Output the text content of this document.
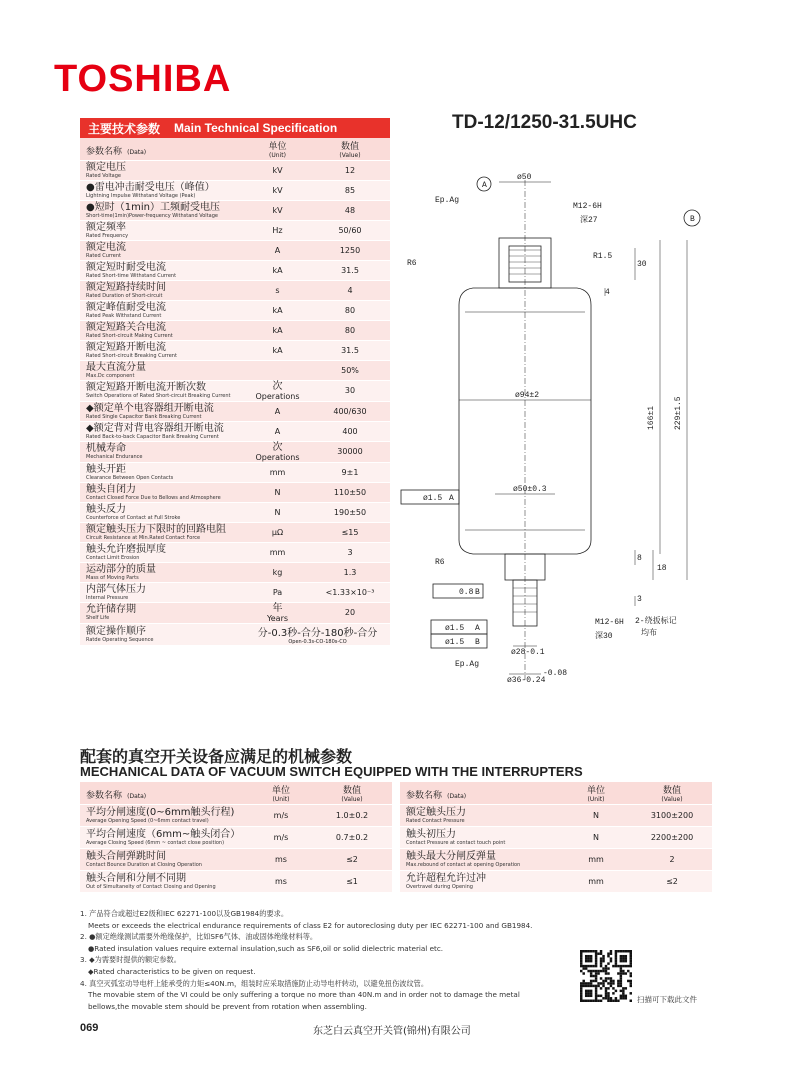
TOSHIBA
TD-12/1250-31.5UHC
主要技术参数 Main Technical Specification
参数名称 (Data)	单位
(Unit)	数值
(Value)

额定电压
Rated Voltage	kV	12

●雷电冲击耐受电压（峰值）
Lightning Impulse Withstand Voltage (Peak)	kV	85

●短时（1min）工频耐受电压
Short-time(1min)Power-frequency Withstand Voltage	kV	48

额定频率
Rated Frequency	Hz	50/60

额定电流
Rated Current	A	1250

额定短时耐受电流
Rated Short-time Withstand Current	kA	31.5

额定短路持续时间
Rated Duration of Short-circuit	s	4

额定峰值耐受电流
Rated Peak Withstand Current	kA	80

额定短路关合电流
Rated Short-circuit Making Current	kA	80

额定短路开断电流
Rated Short-circuit Breaking Current	kA	31.5

最大直流分量
Max.Dc component		50%

额定短路开断电流开断次数
Switch Operations of Rated Short-circuit Breaking Current	次
Operations	30

◆额定单个电容器组开断电流
Rated Single Capacitor Bank Breaking Current	A	400/630

◆额定背对背电容器组开断电流
Rated Back-to-back Capacitor Bank Breaking Current	A	400

机械寿命
Mechanical Endurance	次
Operations	30000

触头开距
Clearance Between Open Contacts	mm	9±1

触头自闭力
Contact Closed Force Due to Bellows and Atmosphere	N	110±50

触头反力
Counterforce of Contact at Full Stroke	N	190±50

额定触头压力下限时的回路电阻
Circuit Resistance at Min.Rated Contact Force	μΩ	≤15

触头允许磨损厚度
Contact Limit Erosion	mm	3

运动部分的质量
Mass of Moving Parts	kg	1.3

内部气体压力
Internal Pressure	Pa	<1.33×10⁻³

允许储存期
Shelf Life	年
Years	20

额定操作顺序
Ratde Operating Sequence	分-0.3秒-合分-180秒-合分
Open-0.3s-CO-180s-CO	
配套的真空开关设备应满足的机械参数
MECHANICAL DATA OF VACUUM SWITCH EQUIPPED WITH THE INTERRUPTERS
参数名称 (Data)	单位
(Unit)	数值
(Value)

平均分闸速度(0~6mm触头行程)
Average Opening Speed (0~6mm contact travel)	m/s	1.0±0.2

平均合闸速度（6mm~触头闭合）
Average Closing Speed (6mm ~ contact close position)	m/s	0.7±0.2

触头合闸弹跳时间
Contact Bounce Duration at Closing Operation	ms	≤2

触头合闸和分闸不同期
Out of Simultaneity of Contact Closing and Opening	ms	≤1
参数名称 (Data)	单位
(Unit)	数值
(Value)

额定触头压力
Rated Contact Pressure	N	3100±200

触头初压力
Contact Pressure at contact touch point	N	2200±200

触头最大分闸反弹量
Max.rebound of contact at opening Operation	mm	2

允许超程允许过冲
Overtravel during Opening	mm	≤2
1. 产品符合或超过E2级和IEC 62271-100以及GB1984的要求。
Meets or exceeds the electrical endurance requirements of class E2 for autoreclosing duty per IEC 62271-100 and GB1984.
2. ●额定绝缘测试需要外绝缘保护，比如SF6气体、油或固体绝缘材料等。
●Rated insulation values require external insulation,such as SF6,oil or solid dielectric material etc.
3. ◆为需要时提供的额定参数。
◆Rated characteristics to be given on request.
4. 真空灭弧室动导电杆上能承受的力矩≤40N.m，组装时应采取措施防止动导电杆转动，以避免扭伤波纹管。
The movabie stem of the VI could be only suffering a torque no more than 40N.m and in order not to damage the metal
bellows,the movable stem should be prevent from rotation when assembling.
扫描可下载此文件
069	东芝白云真空开关管(锦州)有限公司
A
B
ø50
Ep.Ag
M12-6H
深27
R6
R1.5
30
4
ø94±2
166±1 229±1.5
ø1.5 A
ø50±0.3
R6	8
18
0.8 B
3
M12-6H
深30
2-绕扳标记
均布
ø1.5 A
ø1.5 B
ø28-0.1
Ep.Ag
ø36-0.24
-0.08
